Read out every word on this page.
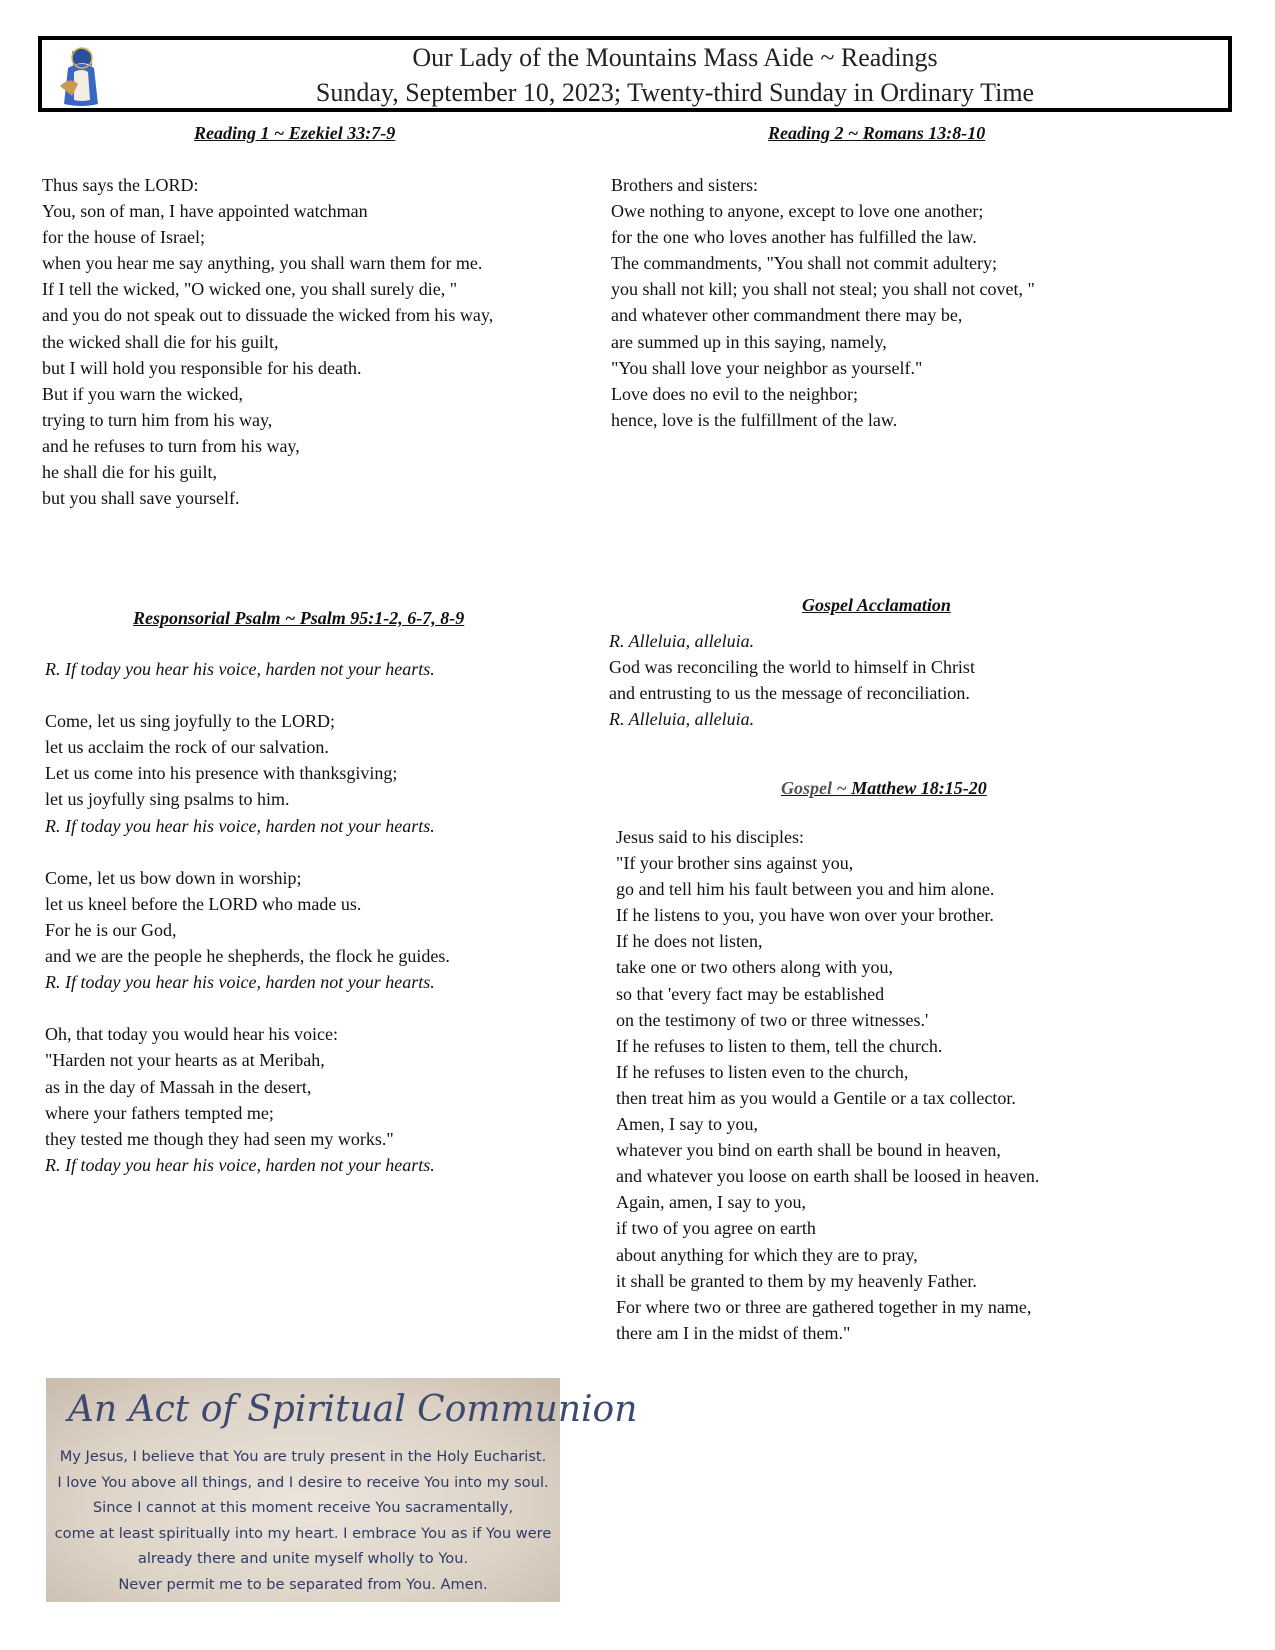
Our Lady of the Mountains Mass Aide ~ Readings
Sunday, September 10, 2023; Twenty-third Sunday in Ordinary Time
Reading 1 ~ Ezekiel 33:7-9
Thus says the LORD:
You, son of man, I have appointed watchman
for the house of Israel;
when you hear me say anything, you shall warn them for me.
If I tell the wicked, "O wicked one, you shall surely die, "
and you do not speak out to dissuade the wicked from his way,
the wicked shall die for his guilt,
but I will hold you responsible for his death.
But if you warn the wicked,
trying to turn him from his way,
and he refuses to turn from his way,
he shall die for his guilt,
but you shall save yourself.
Reading 2 ~ Romans 13:8-10
Brothers and sisters:
Owe nothing to anyone, except to love one another;
for the one who loves another has fulfilled the law.
The commandments, "You shall not commit adultery;
you shall not kill; you shall not steal; you shall not covet, "
and whatever other commandment there may be,
are summed up in this saying, namely,
"You shall love your neighbor as yourself."
Love does no evil to the neighbor;
hence, love is the fulfillment of the law.
Responsorial Psalm ~ Psalm 95:1-2, 6-7, 8-9
R. If today you hear his voice, harden not your hearts.
Come, let us sing joyfully to the LORD;
let us acclaim the rock of our salvation.
Let us come into his presence with thanksgiving;
let us joyfully sing psalms to him.
R. If today you hear his voice, harden not your hearts.
Come, let us bow down in worship;
let us kneel before the LORD who made us.
For he is our God,
and we are the people he shepherds, the flock he guides.
R. If today you hear his voice, harden not your hearts.
Oh, that today you would hear his voice:
"Harden not your hearts as at Meribah,
as in the day of Massah in the desert,
where your fathers tempted me;
they tested me though they had seen my works."
R. If today you hear his voice, harden not your hearts.
Gospel Acclamation
R. Alleluia, alleluia.
God was reconciling the world to himself in Christ
and entrusting to us the message of reconciliation.
R. Alleluia, alleluia.
Gospel ~ Matthew 18:15-20
Jesus said to his disciples:
"If your brother sins against you,
go and tell him his fault between you and him alone.
If he listens to you, you have won over your brother.
If he does not listen,
take one or two others along with you,
so that 'every fact may be established
on the testimony of two or three witnesses.'
If he refuses to listen to them, tell the church.
If he refuses to listen even to the church,
then treat him as you would a Gentile or a tax collector.
Amen, I say to you,
whatever you bind on earth shall be bound in heaven,
and whatever you loose on earth shall be loosed in heaven.
Again, amen, I say to you,
if two of you agree on earth
about anything for which they are to pray,
it shall be granted to them by my heavenly Father.
For where two or three are gathered together in my name,
there am I in the midst of them."
An Act of Spiritual Communion
My Jesus, I believe that You are truly present in the Holy Eucharist.
I love You above all things, and I desire to receive You into my soul.
Since I cannot at this moment receive You sacramentally,
come at least spiritually into my heart. I embrace You as if You were
already there and unite myself wholly to You.
Never permit me to be separated from You. Amen.
